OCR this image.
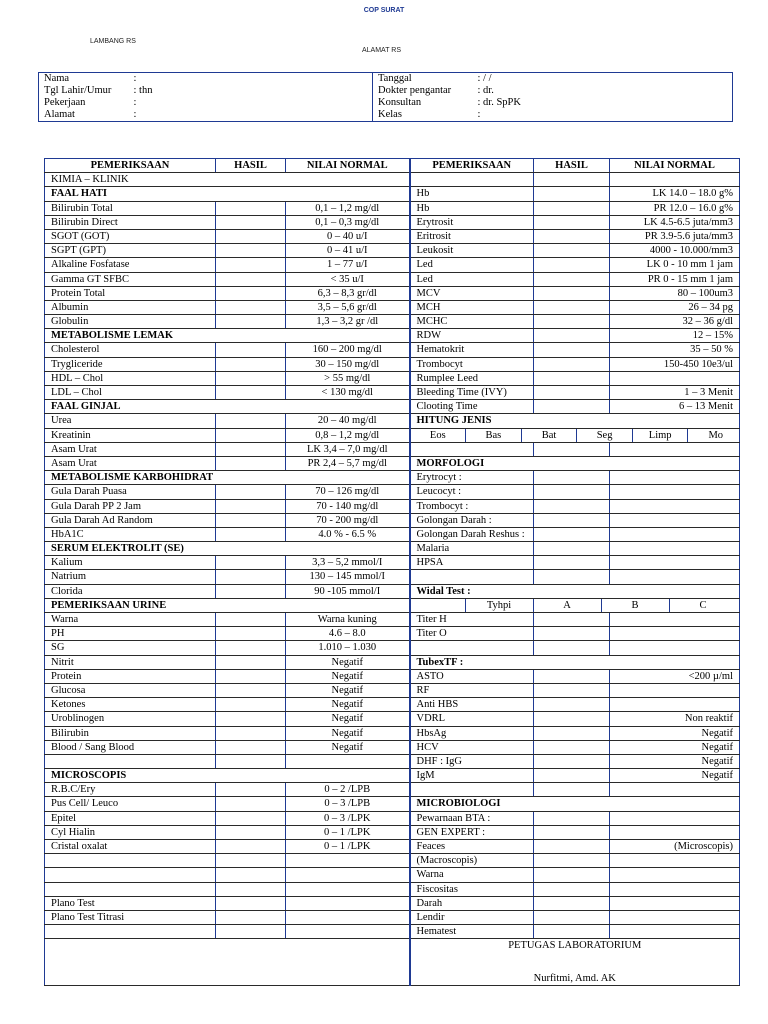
COP SURAT
LAMBANG RS
ALAMAT RS
Nama	:	Tanggal	: / /
Tgl Lahir/Umur	: thn	Dokter pengantar	: dr.
Pekerjaan	:	Konsultan	: dr. SpPK
Alamat	:	Kelas	:
PEMERIKSAAN	HASIL	NILAI NORMAL	PEMERIKSAAN	HASIL	NILAI NORMAL
KIMIA – KLINIK					
FAAL HATI			Hb		LK 14.0 – 18.0 g%
Bilirubin Total		0,1 – 1,2 mg/dl	Hb		PR 12.0 – 16.0 g%
Bilirubin Direct		0,1 – 0,3 mg/dl	Erytrosit		LK 4.5-6.5 juta/mm3
SGOT (GOT)		0 – 40 u/I	Eritrosit		PR 3.9-5.6 juta/mm3
SGPT (GPT)		0 – 41 u/I	Leukosit		4000 - 10.000/mm3
Alkaline Fosfatase		1 – 77 u/I	Led		LK 0 - 10 mm 1 jam
Gamma GT SFBC		< 35 u/I	Led		PR 0 - 15 mm 1 jam
Protein Total		6,3 – 8,3 gr/dl	MCV		80 – 100um3
Albumin		3,5 – 5,6 gr/dl	MCH		26 – 34 pg
Globulin		1,3 – 3,2 gr /dl	MCHC		32 – 36 g/dl
METABOLISME LEMAK			RDW		12 – 15%
Cholesterol		160 – 200 mg/dl	Hematokrit		35 – 50 %
Trygliceride		30 – 150 mg/dl	Trombocyt		150-450 10e3/ul
HDL – Chol		> 55 mg/dl	Rumplee Leed		
LDL – Chol		< 130 mg/dl	Bleeding Time (IVY)		1 – 3 Menit
FAAL GINJAL			Clooting Time		6 – 13 Menit
Urea		20 – 40 mg/dl	HITUNG JENIS		
Kreatinin		0,8 – 1,2 mg/dl	Eos Bas Bat Seg Limp Mo		
Asam Urat		LK 3,4 – 7,0 mg/dl			
Asam Urat		PR 2,4 – 5,7 mg/dl	MORFOLOGI		
METABOLISME KARBOHIDRAT			Erytrocyt :		
Gula Darah Puasa		70 – 126 mg/dl	Leucocyt :		
Gula Darah PP 2 Jam		70 - 140 mg/dl	Trombocyt :		
Gula Darah Ad Random		70 - 200 mg/dl	Golongan Darah :		
HbA1C		4.0 % - 6.5 %	Golongan Darah Reshus :		
SERUM ELEKTROLIT (SE)			Malaria		
Kalium		3,3 – 5,2 mmol/I	HPSA		
Natrium		130 – 145 mmol/I			
Clorida		90 -105 mmol/I	Widal Test :		
PEMERIKSAAN URINE			Tyhpi A B C		
Warna		Warna kuning	Titer H		
PH		4.6 – 8.0	Titer O		
SG		1.010 – 1.030			
Nitrit		Negatif	TubexTF :		
Protein		Negatif	ASTO		<200 µ/ml
Glucosa		Negatif	RF		
Ketones		Negatif	Anti HBS		
Uroblinogen		Negatif	VDRL		Non reaktif
Bilirubin		Negatif	HbsAg		Negatif
Blood / Sang Blood		Negatif	HCV		Negatif
			DHF : IgG		Negatif
MICROSCOPIS			IgM		Negatif
R.B.C/Ery		0 – 2 /LPB			
Pus Cell/ Leuco		0 – 3 /LPB	MICROBIOLOGI		
Epitel		0 – 3 /LPK	Pewarnaan BTA :		
Cyl Hialin		0 – 1 /LPK	GEN EXPERT :		
Cristal oxalat		0 – 1 /LPK	Feaces		(Microscopis)
			(Macroscopis)		
			Warna		
			Fiscositas		
Plano Test			Darah		
Plano Test Titrasi			Lendir		
			Hematest		

			PETUGAS LABORATORIUM
Nurfitmi, Amd. AK		
